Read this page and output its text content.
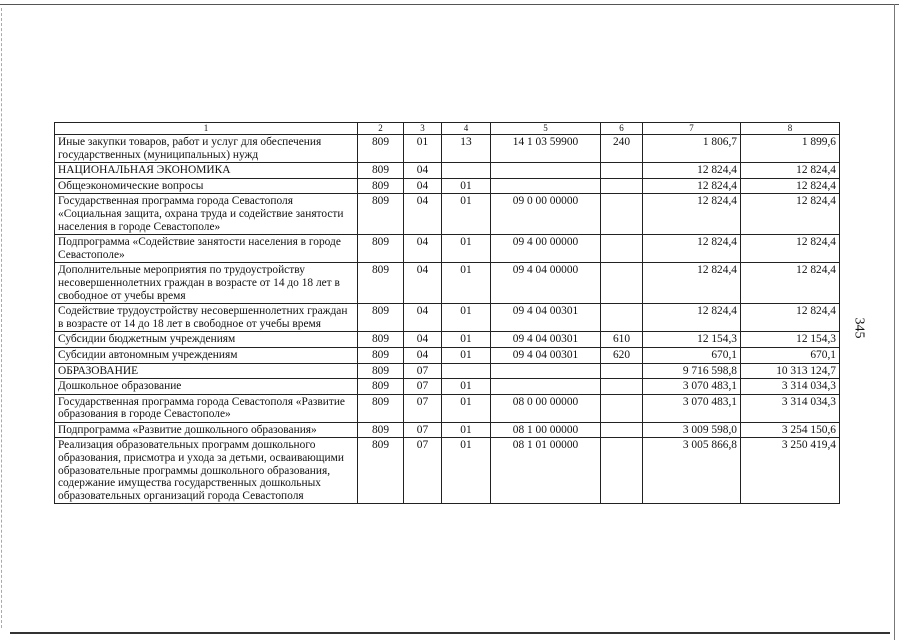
1	2	3	4	5	6	7	8
Иные закупки товаров, работ и услуг для обеспечения государственных (муниципальных) нужд	809	01	13	14 1 03 59900	240	1 806,7	1 899,6
НАЦИОНАЛЬНАЯ ЭКОНОМИКА	809	04				12 824,4	12 824,4
Общеэкономические вопросы	809	04	01			12 824,4	12 824,4
Государственная программа города Севастополя «Социальная защита, охрана труда и содействие занятости населения в городе Севастополе»	809	04	01	09 0 00 00000		12 824,4	12 824,4
Подпрограмма «Содействие занятости населения в городе Севастополе»	809	04	01	09 4 00 00000		12 824,4	12 824,4
Дополнительные мероприятия по трудоустройству несовершеннолетних граждан в возрасте от 14 до 18 лет в свободное от учебы время	809	04	01	09 4 04 00000		12 824,4	12 824,4
Содействие трудоустройству несовершеннолетних граждан в возрасте от 14 до 18 лет в свободное от учебы время	809	04	01	09 4 04 00301		12 824,4	12 824,4
Субсидии бюджетным учреждениям	809	04	01	09 4 04 00301	610	12 154,3	12 154,3
Субсидии автономным учреждениям	809	04	01	09 4 04 00301	620	670,1	670,1
ОБРАЗОВАНИЕ	809	07				9 716 598,8	10 313 124,7
Дошкольное образование	809	07	01			3 070 483,1	3 314 034,3
Государственная программа города Севастополя «Развитие образования в городе Севастополе»	809	07	01	08 0 00 00000		3 070 483,1	3 314 034,3
Подпрограмма «Развитие дошкольного образования»	809	07	01	08 1 00 00000		3 009 598,0	3 254 150,6
Реализация образовательных программ дошкольного образования, присмотра и ухода за детьми, осваивающими образовательные программы дошкольного образования, содержание имущества государственных дошкольных образовательных организаций города Севастополя	809	07	01	08 1 01 00000		3 005 866,8	3 250 419,4
345
